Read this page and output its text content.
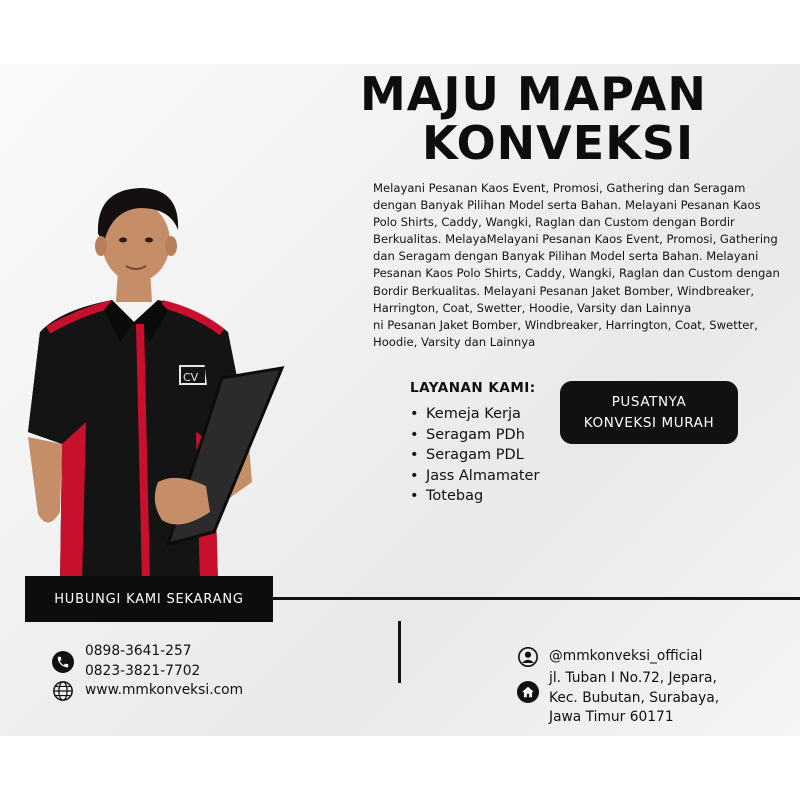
MAJU MAPAN
KONVEKSI
Melayani Pesanan Kaos Event, Promosi, Gathering dan Seragam
dengan Banyak Pilihan Model serta Bahan. Melayani Pesanan Kaos
Polo Shirts, Caddy, Wangki, Raglan dan Custom dengan Bordir
Berkualitas. MelayaMelayani Pesanan Kaos Event, Promosi, Gathering
dan Seragam dengan Banyak Pilihan Model serta Bahan. Melayani
Pesanan Kaos Polo Shirts, Caddy, Wangki, Raglan dan Custom dengan
Bordir Berkualitas. Melayani Pesanan Jaket Bomber, Windbreaker,
Harrington, Coat, Swetter, Hoodie, Varsity dan Lainnya
ni Pesanan Jaket Bomber, Windbreaker, Harrington, Coat, Swetter,
Hoodie, Varsity dan Lainnya
LAYANAN KAMI:
• Kemeja Kerja
• Seragam PDh
• Seragam PDL
• Jass Almamater
• Totebag
PUSATNYA
KONVEKSI MURAH
CV
HUBUNGI KAMI SEKARANG
0898-3641-257
0823-3821-7702
www.mmkonveksi.com
@mmkonveksi_official
jl. Tuban I No.72, Jepara,
Kec. Bubutan, Surabaya,
Jawa Timur 60171
